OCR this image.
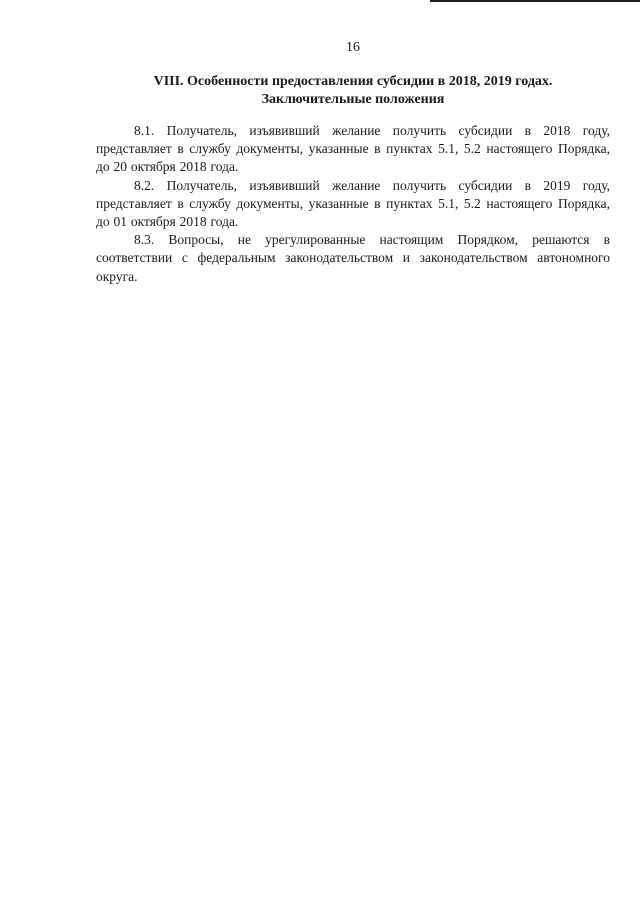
16
VIII. Особенности предоставления субсидии в 2018, 2019 годах.
Заключительные положения

8.1. Получатель, изъявивший желание получить субсидии в 2018 году, представляет в службу документы, указанные в пунктах 5.1, 5.2 настоящего Порядка, до 20 октября 2018 года.

8.2. Получатель, изъявивший желание получить субсидии в 2019 году, представляет в службу документы, указанные в пунктах 5.1, 5.2 настоящего Порядка, до 01 октября 2018 года.

8.3. Вопросы, не урегулированные настоящим Порядком, решаются в соответствии с федеральным законодательством и законодательством автономного округа.
